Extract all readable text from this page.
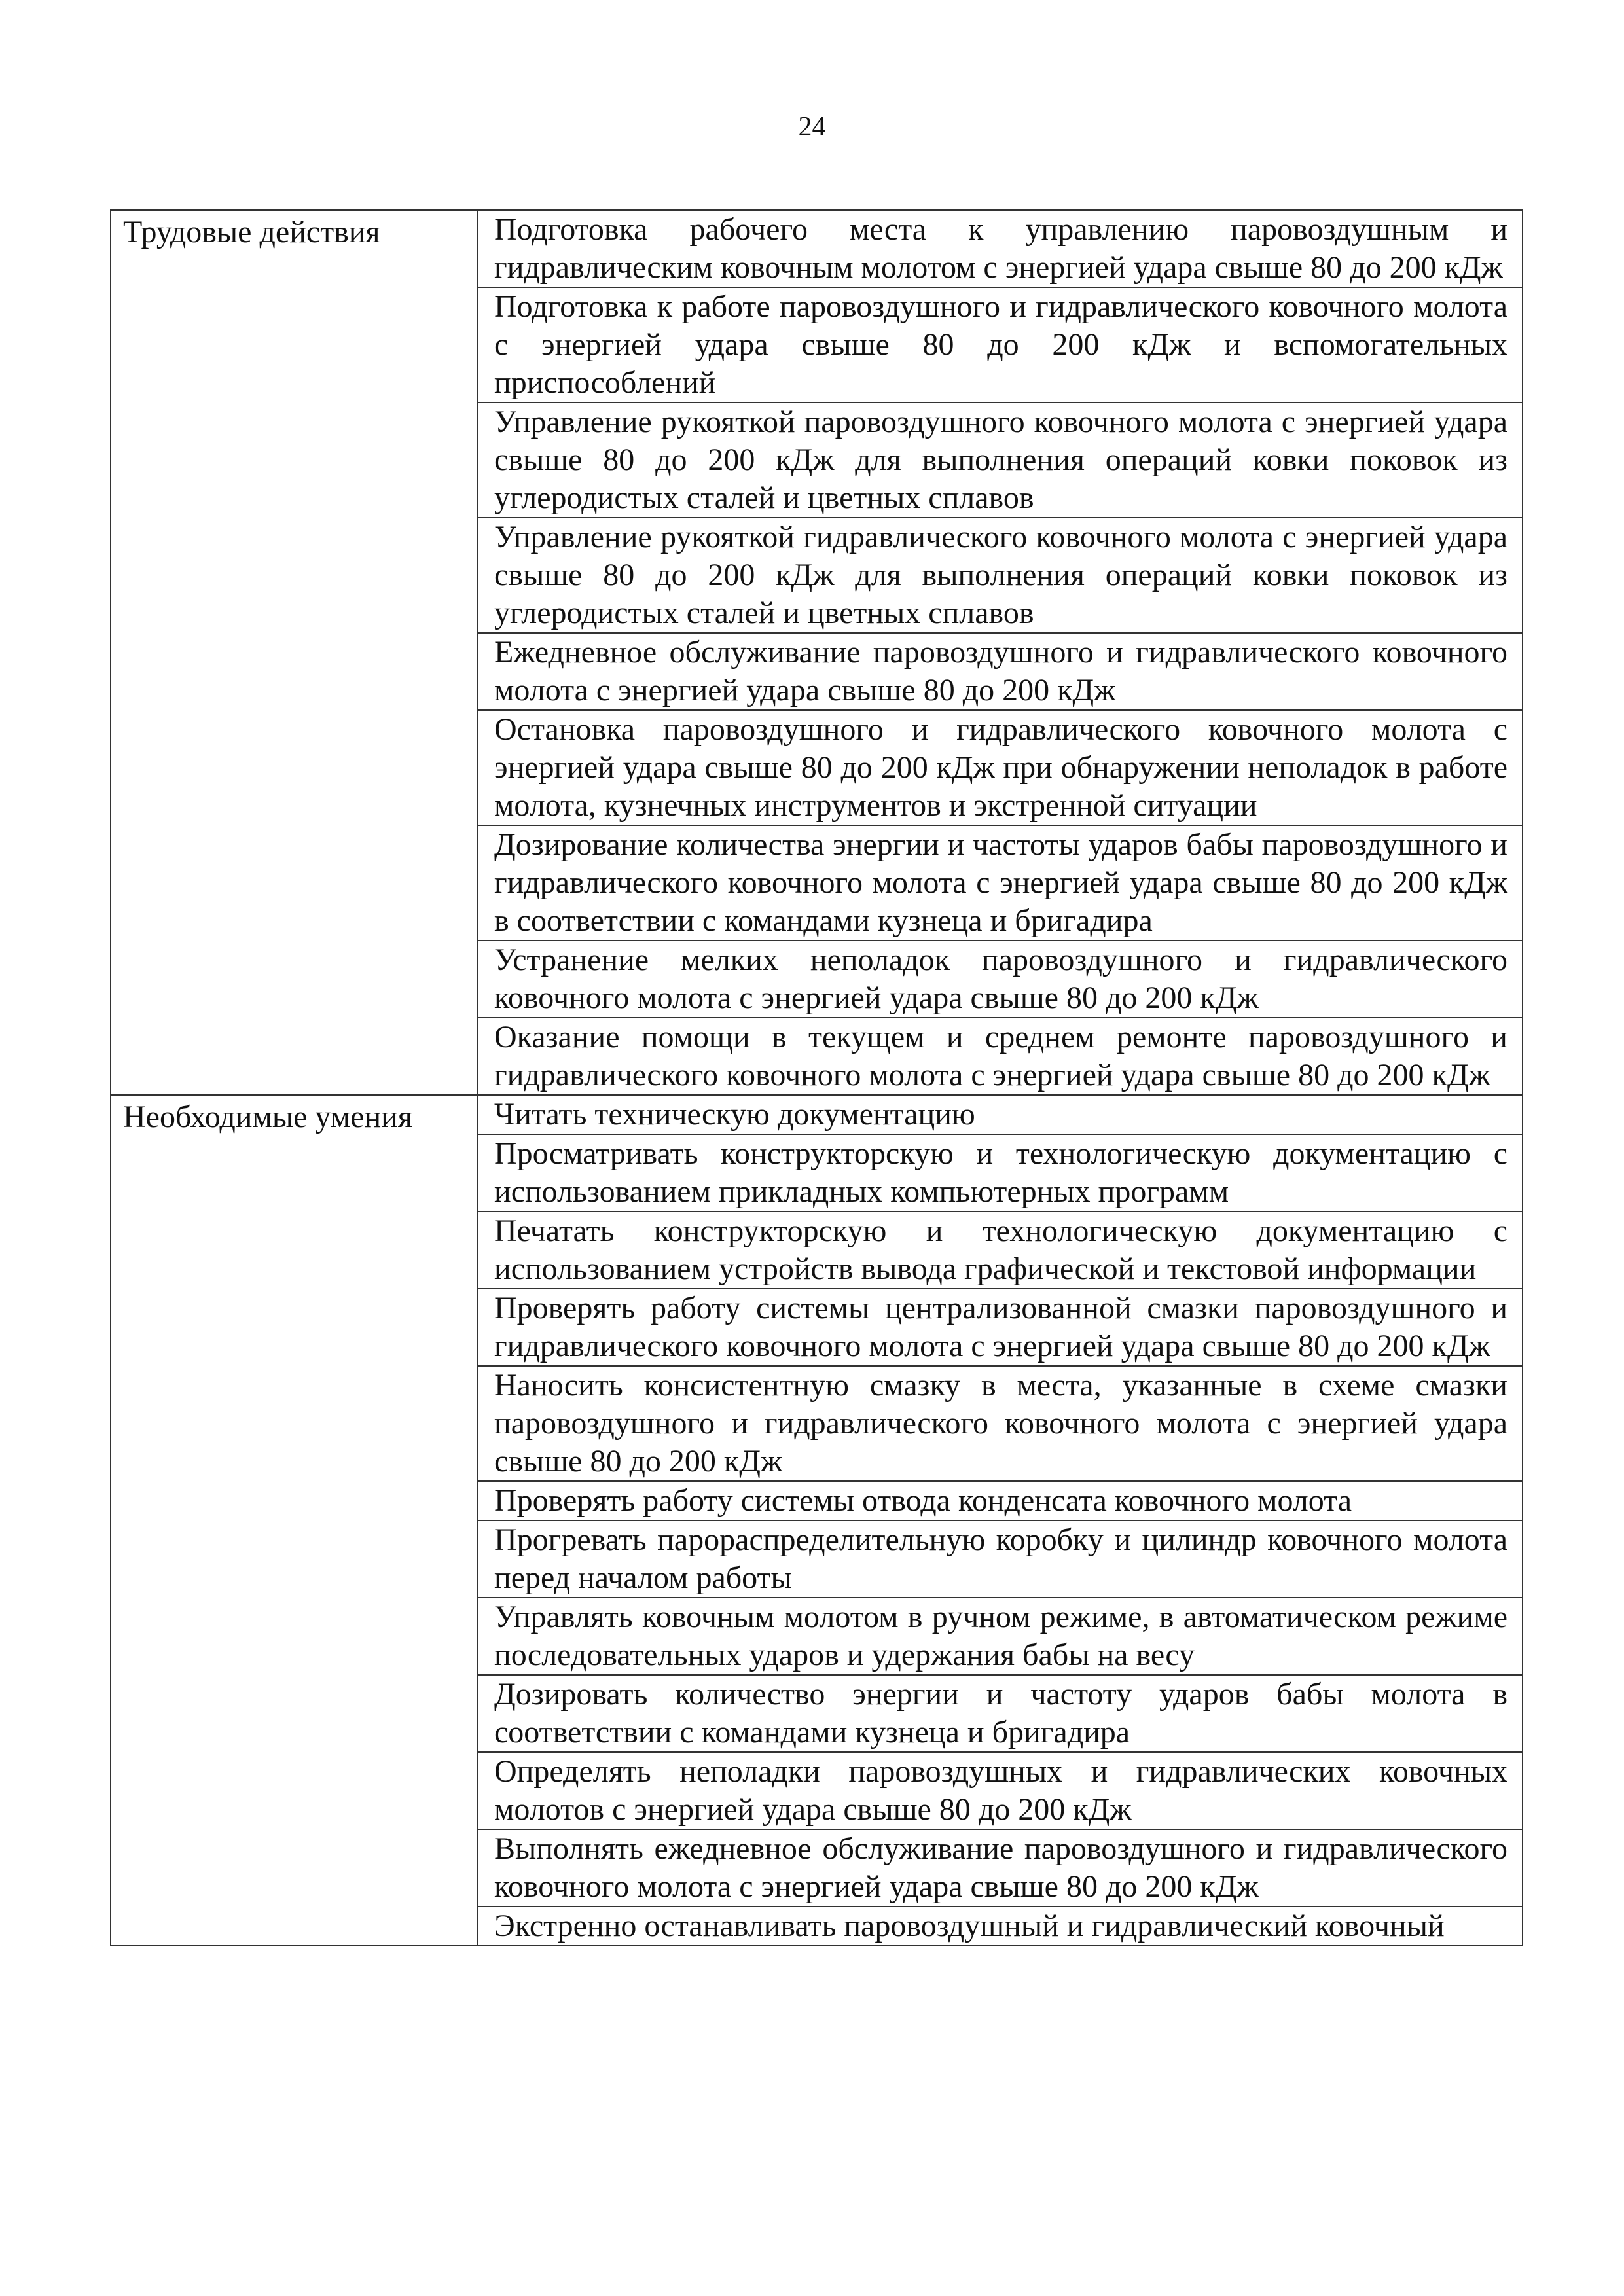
24
Трудовые действия	Подготовка рабочего места к управлению паровоздушным и гидравлическим ковочным молотом с энергией удара свыше 80 до 200 кДж

	Подготовка к работе паровоздушного и гидравлического ковочного молота с энергией удара свыше 80 до 200 кДж и вспомогательных приспособлений

	Управление рукояткой паровоздушного ковочного молота с энергией удара свыше 80 до 200 кДж для выполнения операций ковки поковок из углеродистых сталей и цветных сплавов

	Управление рукояткой гидравлического ковочного молота с энергией удара свыше 80 до 200 кДж для выполнения операций ковки поковок из углеродистых сталей и цветных сплавов

	Ежедневное обслуживание паровоздушного и гидравлического ковочного молота с энергией удара свыше 80 до 200 кДж

	Остановка паровоздушного и гидравлического ковочного молота с энергией удара свыше 80 до 200 кДж при обнаружении неполадок в работе молота, кузнечных инструментов и экстренной ситуации

	Дозирование количества энергии и частоты ударов бабы паровоздушного и гидравлического ковочного молота с энергией удара свыше 80 до 200 кДж в соответствии с командами кузнеца и бригадира

	Устранение мелких неполадок паровоздушного и гидравлического ковочного молота с энергией удара свыше 80 до 200 кДж

	Оказание помощи в текущем и среднем ремонте паровоздушного и гидравлического ковочного молота с энергией удара свыше 80 до 200 кДж

Необходимые умения	Читать техническую документацию

	Просматривать конструкторскую и технологическую документацию с использованием прикладных компьютерных программ

	Печатать конструкторскую и технологическую документацию с использованием устройств вывода графической и текстовой информации

	Проверять работу системы централизованной смазки паровоздушного и гидравлического ковочного молота с энергией удара свыше 80 до 200 кДж

	Наносить консистентную смазку в места, указанные в схеме смазки паровоздушного и гидравлического ковочного молота с энергией удара свыше 80 до 200 кДж

	Проверять работу системы отвода конденсата ковочного молота

	Прогревать парораспределительную коробку и цилиндр ковочного молота перед началом работы

	Управлять ковочным молотом в ручном режиме, в автоматическом режиме последовательных ударов и удержания бабы на весу

	Дозировать количество энергии и частоту ударов бабы молота в соответствии с командами кузнеца и бригадира

	Определять неполадки паровоздушных и гидравлических ковочных молотов с энергией удара свыше 80 до 200 кДж

	Выполнять ежедневное обслуживание паровоздушного и гидравлического ковочного молота с энергией удара свыше 80 до 200 кДж

	Экстренно останавливать паровоздушный и гидравлический ковочный
